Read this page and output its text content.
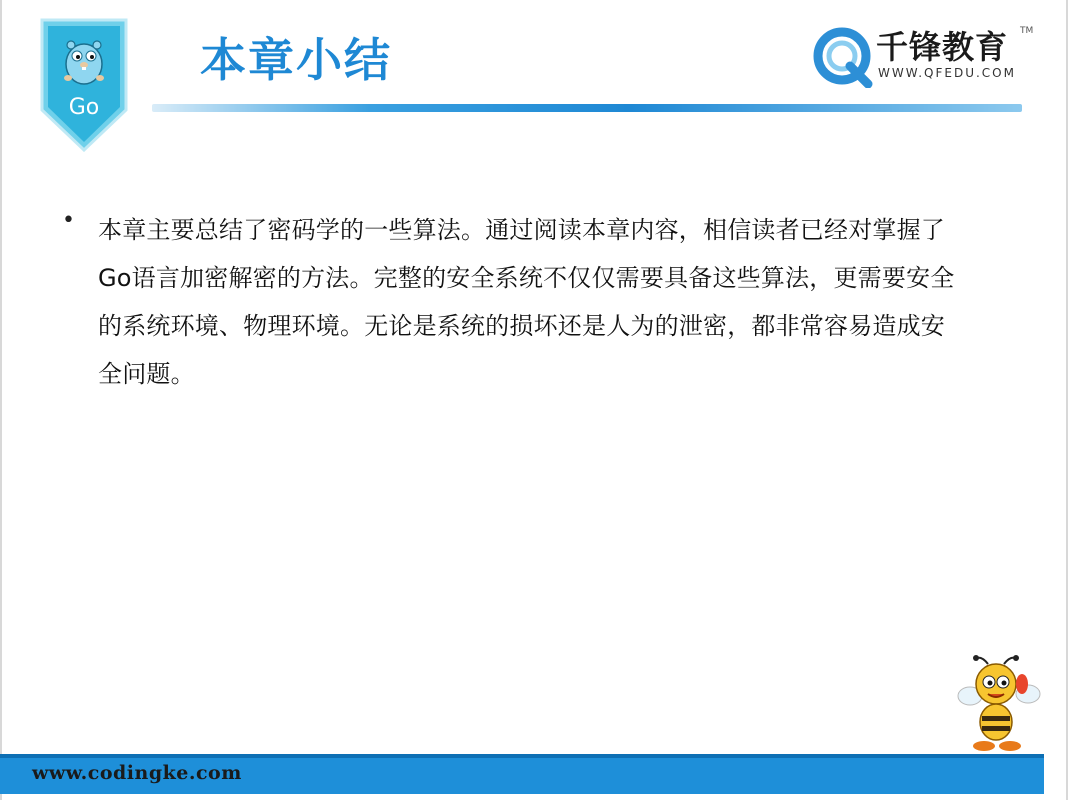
Go
本章小结	千锋教育
WWW.QFEDU.COM
TM
• 本章主要总结了密码学的一些算法。通过阅读本章内容，相信读者已经对掌握了
Go语言加密解密的方法。完整的安全系统不仅仅需要具备这些算法，更需要安全
的系统环境、物理环境。无论是系统的损坏还是人为的泄密，都非常容易造成安
全问题。
www.codingke.com
